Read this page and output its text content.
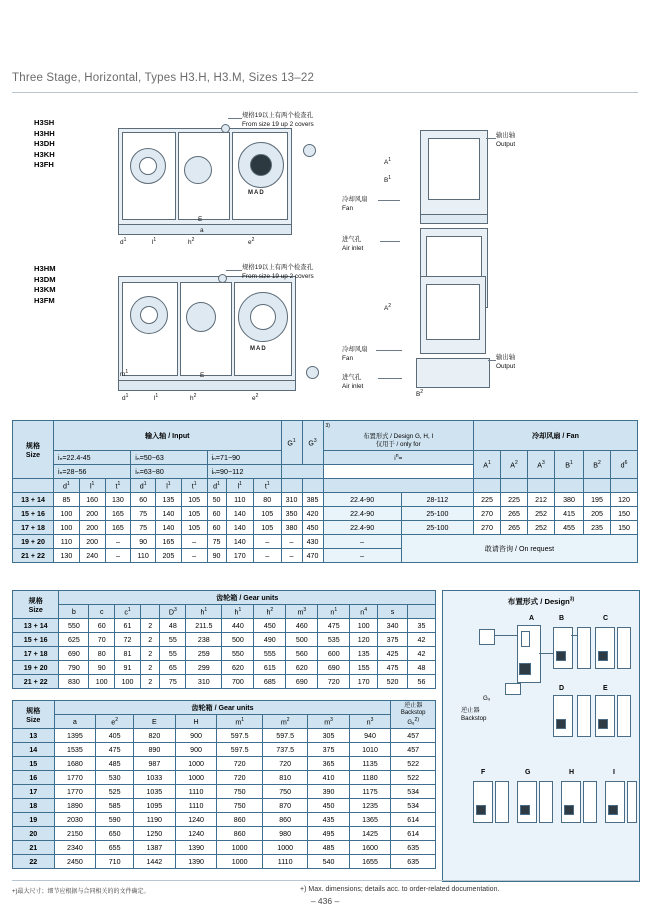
Three Stage, Horizontal, Types H3.H, H3.M, Sizes 13–22
H3SH
H3HH
H3DH
H3KH
H3FH
MAD
规格19以上有两个检查孔
From size 19 up 2 covers
$d^1$	$l^1$	$h^2$	$e^2$
E
a
输出轴
Output
冷却风扇
Fan
进气孔
Air inlet
$A^1$
$B^1$
H3HM
H3DM
H3KM
H3FM
MAD
规格19以上有两个检查孔
From size 19 up 2 covers
$d^1$	$l^1$	$h^2$	$e^2$
E
冷却风扇
Fan
进气孔
Air inlet
输出轴
Output
$A^2$
$B^2$
$m^1$
规格
Size
	输入轴 / Input	$G^1$	$G^3$	
$^{3)}$
布置形式 / Design G, H, I
仅用于 / only for
	冷却风扇 / Fan
	iₙ=22.4-45			iₙ=50−63			iₙ=71−90					$i^n=$		$A^1$	$A^2$	$A^3$	$B^1$	$B^2$	$d^6$
	iₙ=28−56			iₙ=63−80			iₙ=90−112												
	$d^1$	$l^1$	$t^1$	$d^1$	$l^1$	$t^1$	$d^1$	$l^1$	$t^1$									
13 + 14	85	160	130	60	135	105	50	110	80	310	385	22.4-90	28-112	225	225	212	380	195	120
15 + 16	100	200	165	75	140	105	60	140	105	350	420	22.4-90	25-100	270	265	252	415	205	150
17 + 18	100	200	165	75	140	105	60	140	105	380	450	22.4-90	25-100	270	265	252	455	235	150
19 + 20	110	200	–	90	165	–	75	140	–	–	430	–	敢请咨询 / On request						
21 + 22	130	240	–	110	205	–	90	170	–	–	470	–							
规格
Size	齿轮箱 / Gear units												
	b	c	$c^1$		$D^3$	$h^1$	$h^1$	$h^2$	$m^3$	$n^1$	$n^4$	s	
13 + 14	550	60	61	2	48	211.5	440	450	460	475	100	340	35
15 + 16	625	70	72	2	55	238	500	490	500	535	120	375	42
17 + 18	690	80	81	2	55	259	550	555	560	600	135	425	42
19 + 20	790	90	91	2	65	299	620	615	620	690	155	475	48
21 + 22	830	100	100	2	75	310	700	685	690	720	170	520	56
规格
Size
	齿轮箱 / Gear units	逆止器
Backstop
G₈$^{2)}$

	a	$e^2$	E	H	$m^1$	$m^2$	$m^3$	$n^3$
13	1395	405	820	900	597.5	597.5	305	940	457
14	1535	475	890	900	597.5	737.5	375	1010	457
15	1680	485	987	1000	720	720	365	1135	522
16	1770	530	1033	1000	720	810	410	1180	522
17	1770	525	1035	1110	750	750	390	1175	534
18	1890	585	1095	1110	750	870	450	1235	534
19	2030	590	1190	1240	860	860	435	1365	614
20	2150	650	1250	1240	860	980	495	1425	614
21	2340	655	1387	1390	1000	1000	485	1600	635
22	2450	710	1442	1390	1000	1110	540	1655	635
布置形式 / Design$^{3)}$
A
G₉
逆止器
Backstop
B	C
D	E
F	G	H	I
+)最大尺寸；细节应根据与合同相关的的文件确定。	+) Max. dimensions; details acc. to order-related documentation.
– 436 –
